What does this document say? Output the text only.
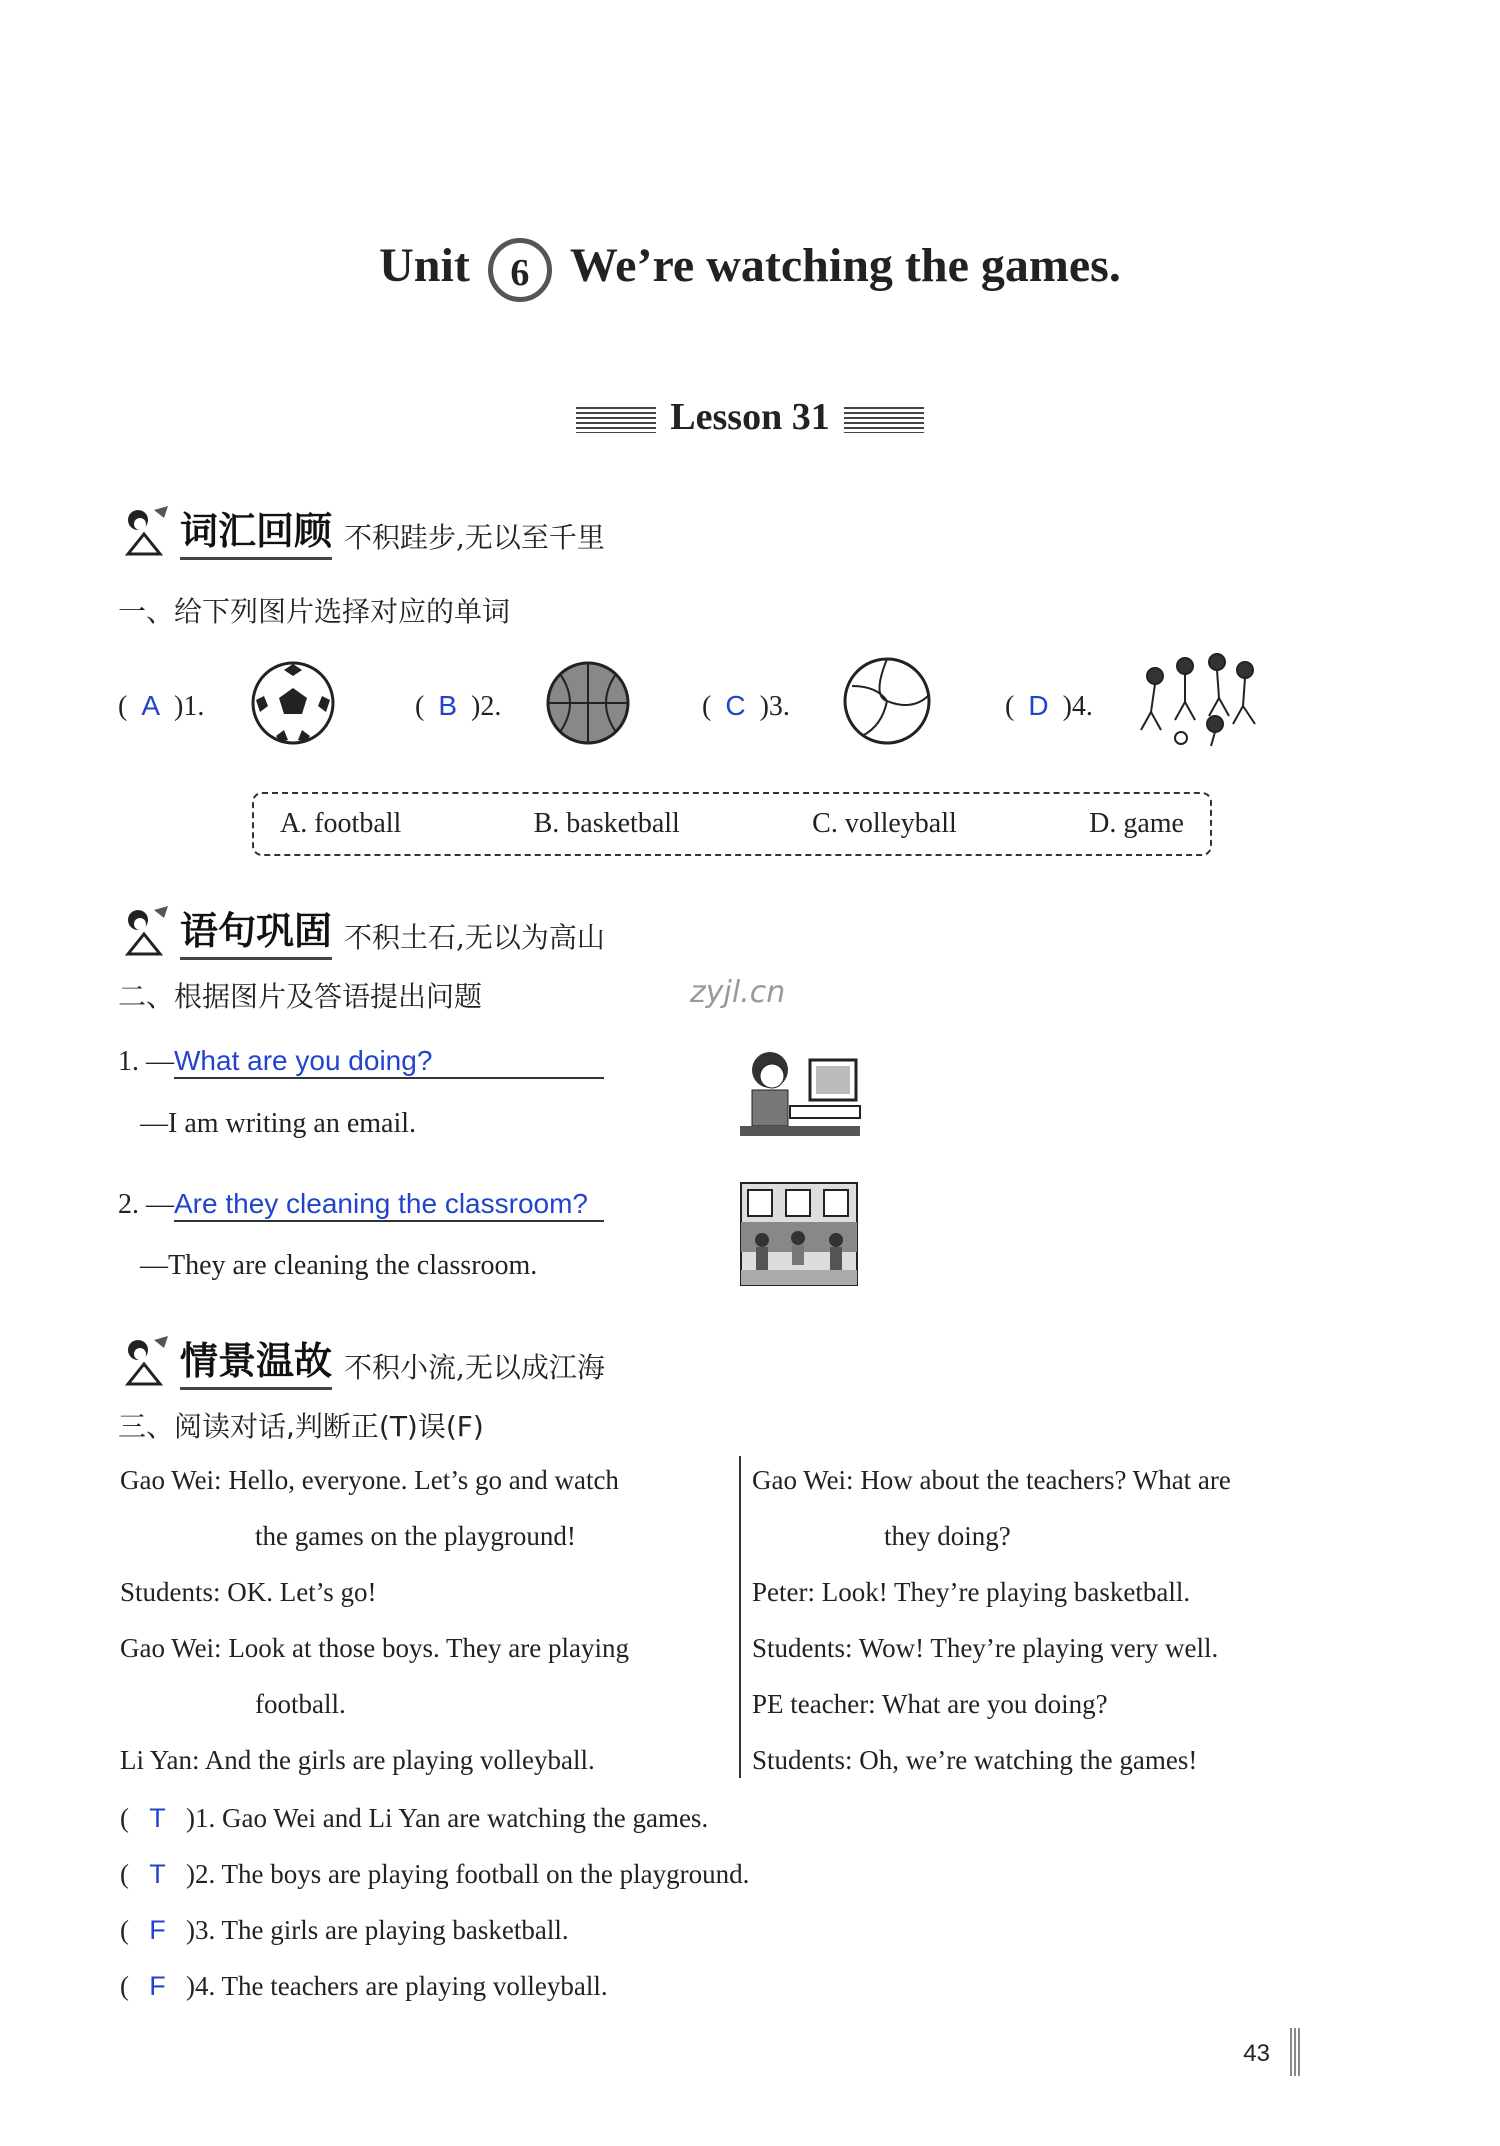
Unit 6 We’re watching the games.
Lesson 31
词汇回顾 不积跬步,无以至千里
一、给下列图片选择对应的单词
(  A )1.	(  B )2.	(  C )3.	(  D )4.
A. football	B. basketball	C. volleyball	D. game
语句巩固 不积土石,无以为高山
二、根据图片及答语提出问题	zyjl.cn
1. —What are you doing?
—I am writing an email.
2. —Are they cleaning the classroom?
—They are cleaning the classroom.
情景温故 不积小流,无以成江海
三、阅读对话,判断正(T)误(F)
Gao Wei: Hello, everyone. Let’s go and watch
the games on the playground!
Students: OK. Let’s go!
Gao Wei: Look at those boys. They are playing
football.
Li Yan: And the girls are playing volleyball.
Gao Wei: How about the teachers? What are
they doing?
Peter: Look! They’re playing basketball.
Students: Wow! They’re playing very well.
PE teacher: What are you doing?
Students: Oh, we’re watching the games!
(   T )1. Gao Wei and Li Yan are watching the games.
(   T )2. The boys are playing football on the playground.
(   F )3. The girls are playing basketball.
(   F )4. The teachers are playing volleyball.
43
